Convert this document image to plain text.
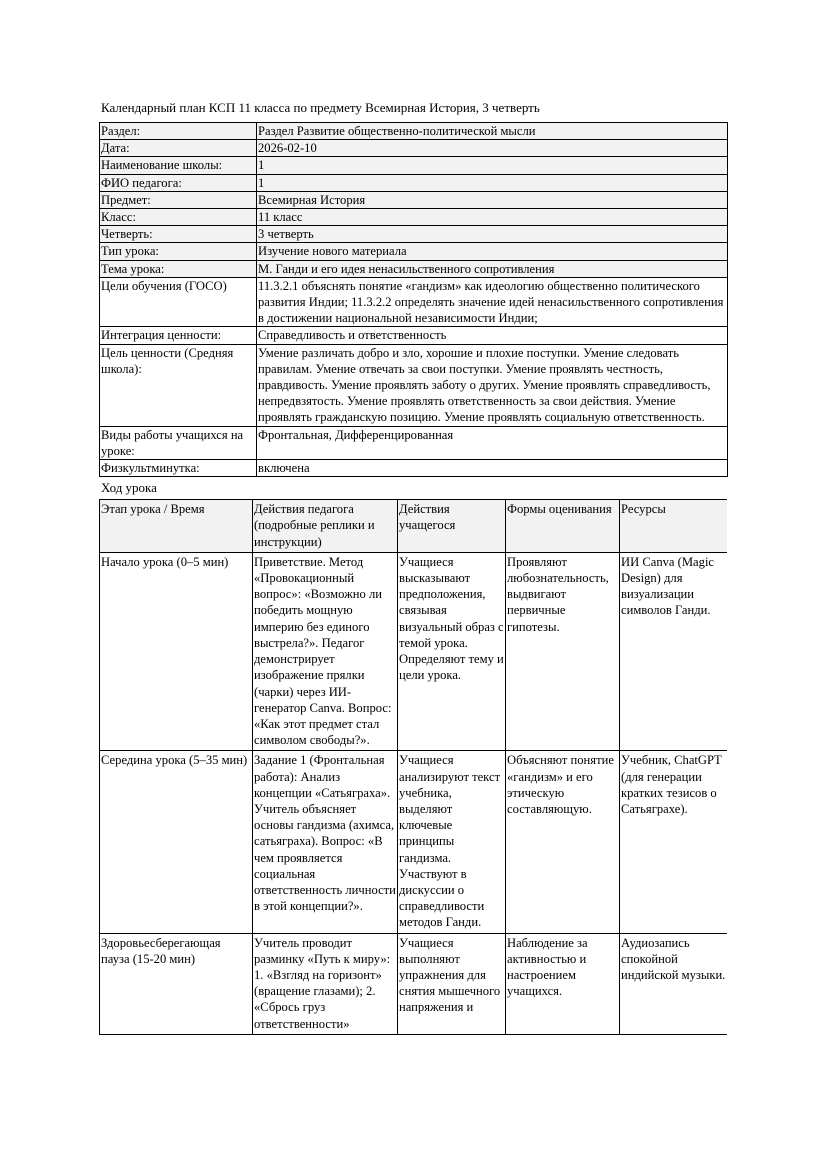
Календарный план КСП 11 класса по предмету Всемирная История, 3 четверть
Раздел:	Раздел Развитие общественно-политической мысли
Дата:	2026-02-10
Наименование школы:	1
ФИО педагога:	1
Предмет:	Всемирная История
Класс:	11 класс
Четверть:	3 четверть
Тип урока:	Изучение нового материала
Тема урока:	М. Ганди и его идея ненасильственного сопротивления
Цели обучения (ГОСО)	11.3.2.1 объяснять понятие «гандизм» как идеологию общественно политического развития Индии; 11.3.2.2 определять значение идей ненасильственного сопротивления в достижении национальной независимости Индии;
Интеграция ценности:	Справедливость и ответственность
Цель ценности (Средняя школа):	Умение различать добро и зло, хорошие и плохие поступки. Умение следовать правилам. Умение отвечать за свои поступки. Умение проявлять честность, правдивость. Умение проявлять заботу о других. Умение проявлять справедливость, непредвзятость. Умение проявлять ответственность за свои действия. Умение проявлять гражданскую позицию. Умение проявлять социальную ответственность.
Виды работы учащихся на уроке:	Фронтальная, Дифференцированная
Физкультминутка:	включена
Ход урока
Этап урока / Время	Действия педагога (подробные реплики и инструкции)	Действия учащегося	Формы оценивания	Ресурсы
Начало урока (0–5 мин)	Приветствие. Метод «Провокационный вопрос»: «Возможно ли победить мощную империю без единого выстрела?». Педагог демонстрирует изображение прялки (чарки) через ИИ-генератор Canva. Вопрос: «Как этот предмет стал символом свободы?».	Учащиеся высказывают предположения, связывая визуальный образ с темой урока. Определяют тему и цели урока.	Проявляют любознательность, выдвигают первичные гипотезы.	ИИ Canva (Magic Design) для визуализации символов Ганди.
Середина урока (5–35 мин)	Задание 1 (Фронтальная работа): Анализ концепции «Сатьяграха». Учитель объясняет основы гандизма (ахимса, сатьяграха). Вопрос: «В чем проявляется социальная ответственность личности в этой концепции?».	Учащиеся анализируют текст учебника, выделяют ключевые принципы гандизма. Участвуют в дискуссии о справедливости методов Ганди.	Объясняют понятие «гандизм» и его этическую составляющую.	Учебник, ChatGPT (для генерации кратких тезисов о Сатьяграхе).
Здоровьесберегающая пауза (15-20 мин)	Учитель проводит разминку «Путь к миру»: 1. «Взгляд на горизонт» (вращение глазами); 2. «Сбрось груз ответственности»	Учащиеся выполняют упражнения для снятия мышечного напряжения и	Наблюдение за активностью и настроением учащихся.	Аудиозапись спокойной индийской музыки.
